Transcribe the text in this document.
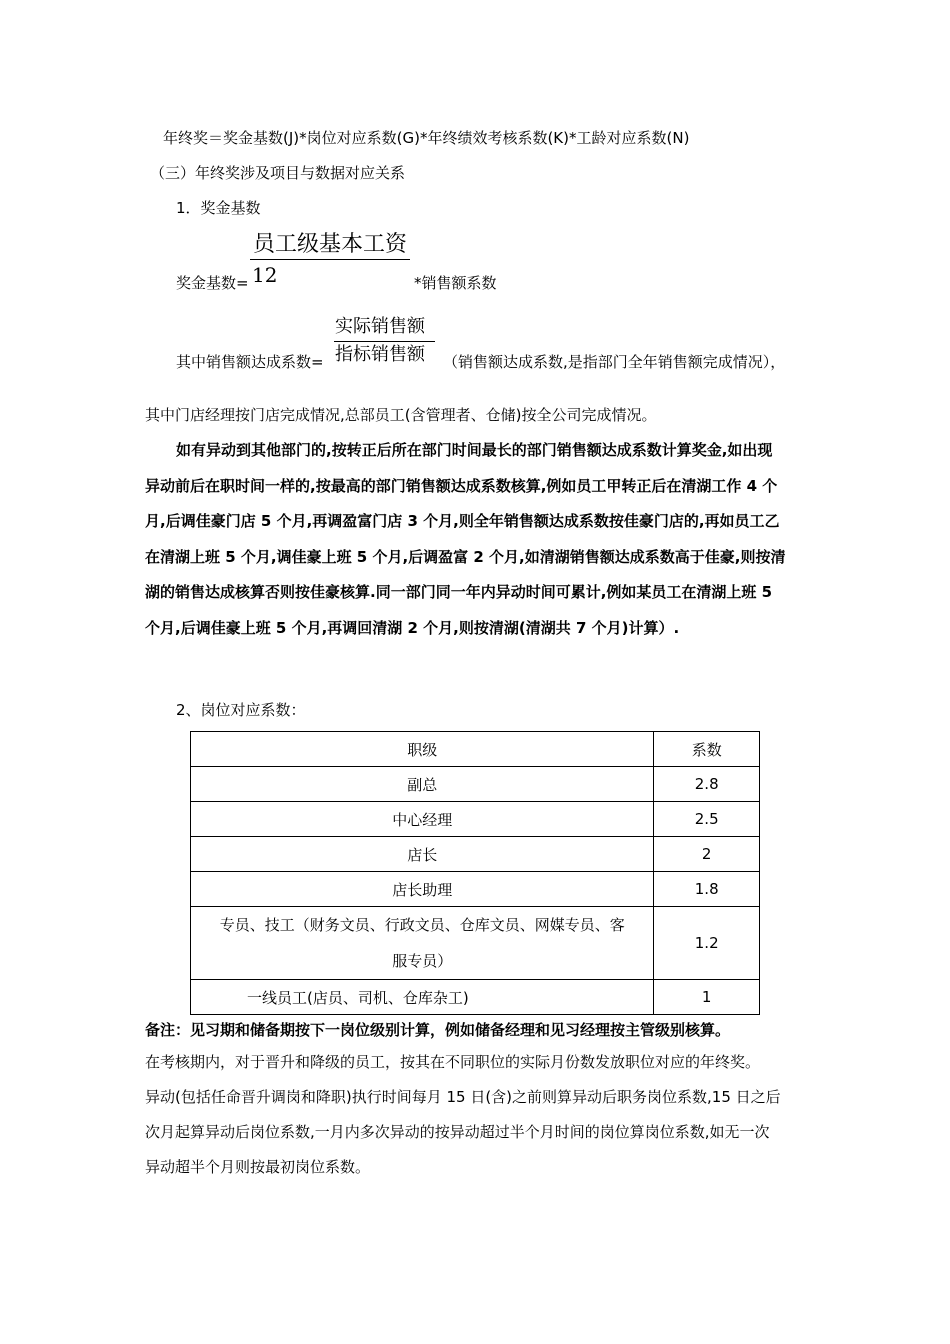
年终奖＝奖金基数(J)*岗位对应系数(G)*年终绩效考核系数(K)*工龄对应系数(N)
（三）年终奖涉及项目与数据对应关系
1．奖金基数
员工级基本工资
12
奖金基数=	*销售额系数
实际销售额
指标销售额
其中销售额达成系数=	（销售额达成系数,是指部门全年销售额完成情况），
其中门店经理按门店完成情况,总部员工(含管理者、仓储)按全公司完成情况。

如有异动到其他部门的,按转正后所在部门时间最长的部门销售额达成系数计算奖金,如出现

异动前后在职时间一样的,按最高的部门销售额达成系数核算,例如员工甲转正后在清湖工作 4 个

月,后调佳豪门店 5 个月,再调盈富门店 3 个月,则全年销售额达成系数按佳豪门店的,再如员工乙

在清湖上班 5 个月,调佳豪上班 5 个月,后调盈富 2 个月,如清湖销售额达成系数高于佳豪,则按清

湖的销售达成核算否则按佳豪核算.同一部门同一年内异动时间可累计,例如某员工在清湖上班 5

个月,后调佳豪上班 5 个月,再调回清湖 2 个月,则按清湖(清湖共 7 个月)计算）.

2、岗位对应系数：
职级	系数
副总	2.8
中心经理	2.5
店长	2
店长助理	1.8

专员、技工（财务文员、行政文员、仓库文员、网媒专员、客
服专员）	1.2
一线员工(店员、司机、仓库杂工)	1
备注：见习期和储备期按下一岗位级别计算，例如储备经理和见习经理按主管级别核算。

在考核期内，对于晋升和降级的员工，按其在不同职位的实际月份数发放职位对应的年终奖。

异动(包括任命晋升调岗和降职)执行时间每月 15 日(含)之前则算异动后职务岗位系数,15 日之后

次月起算异动后岗位系数,一月内多次异动的按异动超过半个月时间的岗位算岗位系数,如无一次

异动超半个月则按最初岗位系数。
